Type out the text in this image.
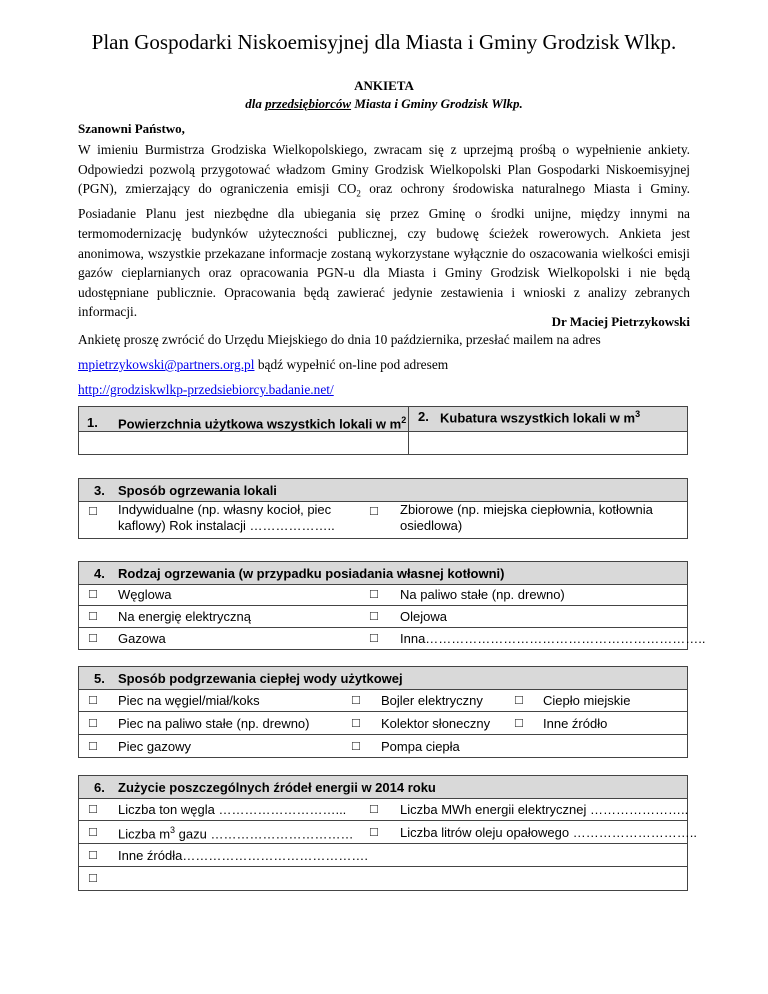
Plan Gospodarki Niskoemisyjnej dla Miasta i Gminy Grodzisk Wlkp.
ANKIETA
dla przedsiębiorców Miasta i Gminy Grodzisk Wlkp.
Szanowni Państwo,
W imieniu Burmistrza Grodziska Wielkopolskiego, zwracam się z uprzejmą prośbą o wypełnienie ankiety. Odpowiedzi pozwolą przygotować władzom Gminy Grodzisk Wielkopolski Plan Gospodarki Niskoemisyjnej (PGN), zmierzający do ograniczenia emisji $CO_2$ oraz ochrony środowiska naturalnego Miasta i Gminy. Posiadanie Planu jest niezbędne dla ubiegania się przez Gminę o środki unijne, między innymi na termomodernizację budynków użyteczności publicznej, czy budowę ścieżek rowerowych. Ankieta jest anonimowa, wszystkie przekazane informacje zostaną wykorzystane wyłącznie do oszacowania wielkości emisji gazów cieplarnianych oraz opracowania PGN-u dla Miasta i Gminy Grodzisk Wielkopolski i nie będą udostępniane publicznie. Opracowania będą zawierać jedynie zestawienia i wnioski z analizy zebranych informacji.
Dr Maciej Pietrzykowski
Ankietę proszę zwrócić do Urzędu Miejskiego do dnia 10 października, przesłać mailem na adres
mpietrzykowski@partners.org.pl bądź wypełnić on-line pod adresem
http://grodziskwlkp-przedsiebiorcy.badanie.net/
1. Powierzchnia użytkowa wszystkich lokali w $m^2$ 2. Kubatura wszystkich lokali w $m^3$
3. Sposób ogrzewania lokali
☐ Indywidualne (np. własny kocioł, piec kaflowy) Rok instalacji ………………..
☐ Zbiorowe (np. miejska ciepłownia, kotłownia osiedlowa)
4. Rodzaj ogrzewania (w przypadku posiadania własnej kotłowni)
☐ Węglowa
☐ Na energię elektryczną
☐ Gazowa
☐ Na paliwo stałe (np. drewno)
☐ Olejowa
☐ Inna………………………………………………………..
5. Sposób podgrzewania ciepłej wody użytkowej
☐ Piec na węgiel/miał/koks
☐ Piec na paliwo stałe (np. drewno)
☐ Piec gazowy
☐ Bojler elektryczny
☐ Kolektor słoneczny
☐ Pompa ciepła
☐ Ciepło miejskie
☐ Inne źródło
6. Zużycie poszczególnych źródeł energii w 2014 roku
☐ Liczba ton węgla ………………………...
☐ Liczba $m^3$ gazu ……………………………
☐ Inne źródła…………………………………….
☐
☐ Liczba MWh energii elektrycznej …………………..
☐ Liczba litrów oleju opałowego ………………………..
